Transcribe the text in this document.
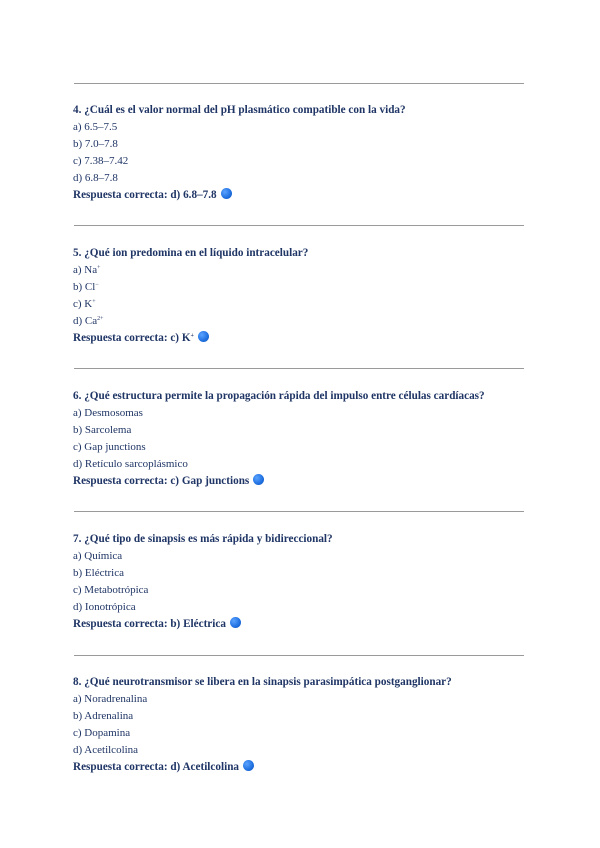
4. ¿Cuál es el valor normal del pH plasmático compatible con la vida?
a) 6.5–7.5
b) 7.0–7.8
c) 7.38–7.42
d) 6.8–7.8
Respuesta correcta: d) 6.8–7.8
5. ¿Qué ion predomina en el líquido intracelular?
a) Na+
b) Cl−
c) K+
d) $Ca^{2+}$
Respuesta correcta: c) K+
6. ¿Qué estructura permite la propagación rápida del impulso entre células cardíacas?
a) Desmosomas
b) Sarcolema
c) Gap junctions
d) Retículo sarcoplásmico
Respuesta correcta: c) Gap junctions
7. ¿Qué tipo de sinapsis es más rápida y bidireccional?
a) Química
b) Eléctrica
c) Metabotrópica
d) Ionotrópica
Respuesta correcta: b) Eléctrica
8. ¿Qué neurotransmisor se libera en la sinapsis parasimpática postganglionar?
a) Noradrenalina
b) Adrenalina
c) Dopamina
d) Acetilcolina
Respuesta correcta: d) Acetilcolina
